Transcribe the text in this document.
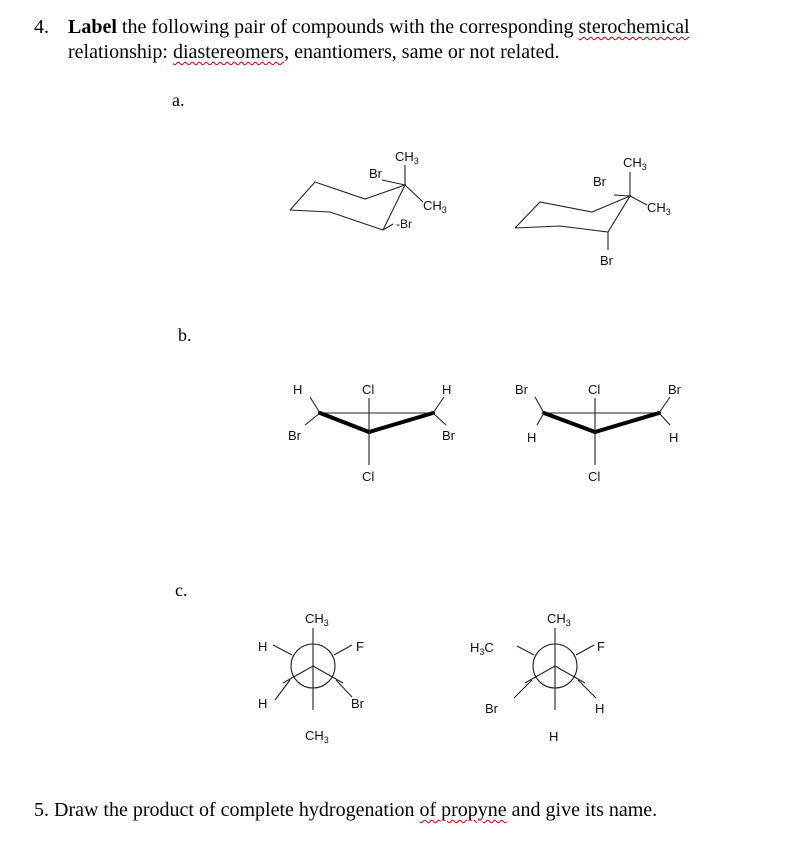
4. Label the following pair of compounds with the corresponding sterochemical
relationship: diastereomers, enantiomers, same or not related.
a.
b.
c.
$CH_3$
Br
$CH_3$
-Br
$CH_3$
Br
$CH_3$
Br
H	Cl	H
Br	Br
Cl
Br	Cl	Br
H	H
Cl
$CH_3$
H	F
H	Br
$CH_3$
$CH_3$
$H_3C$	F
Br	H
H
5. Draw the product of complete hydrogenation of propyne and give its name.
